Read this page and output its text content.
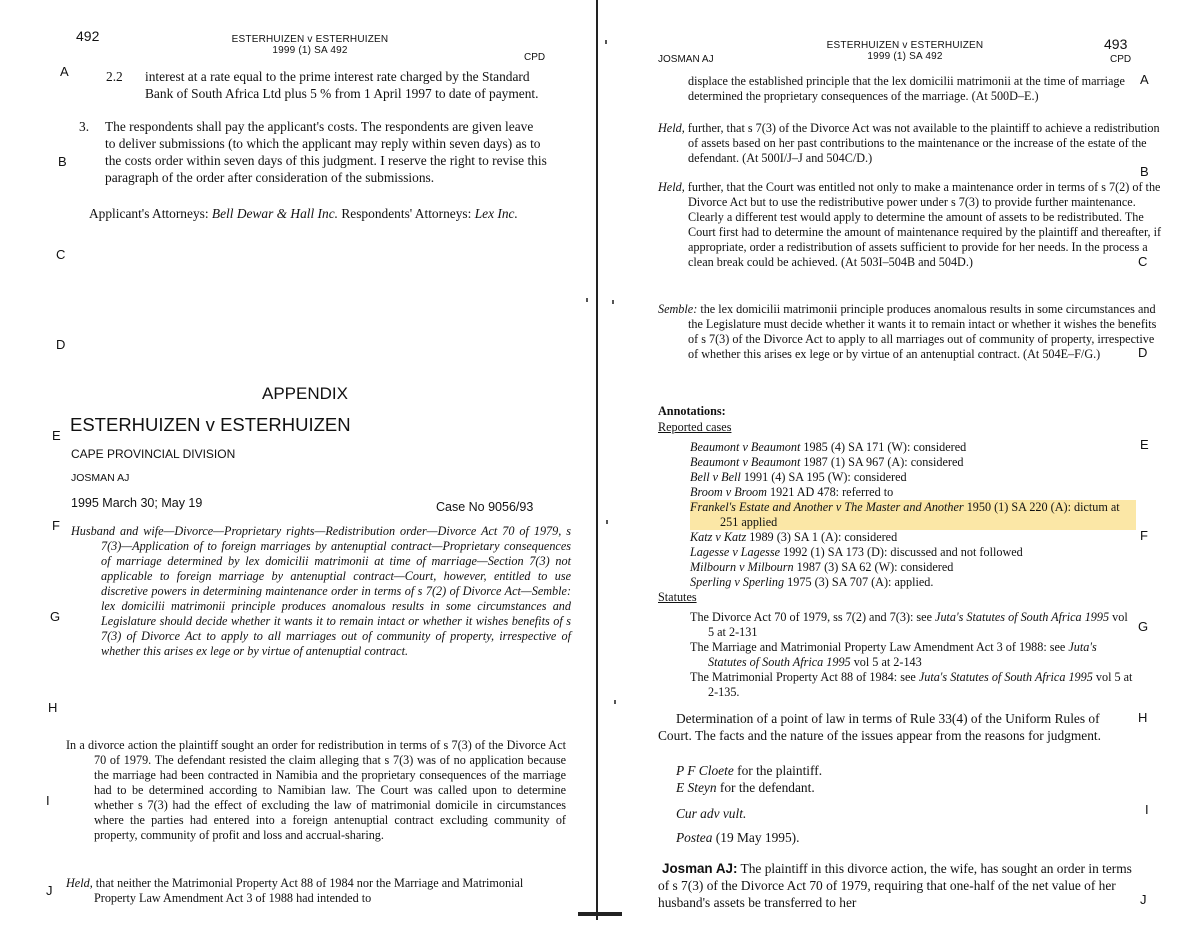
492	ESTERHUIZEN v ESTERHUIZEN
1999 (1) SA 492
CPD
A
B
C
D
E
F
G
H
I
J
2.2 interest at a rate equal to the prime interest rate charged by the Standard Bank of South Africa Ltd plus 5 % from 1 April 1997 to date of payment.
3. The respondents shall pay the applicant's costs. The respondents are given leave to deliver submissions (to which the applicant may reply within seven days) as to the costs order within seven days of this judgment. I reserve the right to revise this paragraph of the order after consideration of the submissions.
Applicant's Attorneys: Bell Dewar & Hall Inc. Respondents' Attorneys: Lex Inc.
APPENDIX
ESTERHUIZEN v ESTERHUIZEN
CAPE PROVINCIAL DIVISION
JOSMAN AJ
1995 March 30; May 19	Case No 9056/93
Husband and wife—Divorce—Proprietary rights—Redistribution order—Divorce Act 70 of 1979, s 7(3)—Application of to foreign marriages by antenuptial contract—Proprietary consequences of marriage determined by lex domicilii matrimonii at time of marriage—Section 7(3) not applicable to foreign marriage by antenuptial contract—Court, however, entitled to use discretive powers in determining maintenance order in terms of s 7(2) of Divorce Act—Semble: lex domicilii matrimonii principle produces anomalous results in some circumstances and Legislature should decide whether it wants it to remain intact or whether it wishes benefits of s 7(3) of Divorce Act to apply to all marriages out of community of property, irrespective of whether this arises ex lege or by virtue of antenuptial contract.
In a divorce action the plaintiff sought an order for redistribution in terms of s 7(3) of the Divorce Act 70 of 1979. The defendant resisted the claim alleging that s 7(3) was of no application because the marriage had been contracted in Namibia and the proprietary consequences of the marriage had to be determined according to Namibian law. The Court was called upon to determine whether s 7(3) had the effect of excluding the law of matrimonial domicile in circumstances where the parties had entered into a foreign antenuptial contract excluding community of property, community of profit and loss and accrual-sharing.
Held, that neither the Matrimonial Property Act 88 of 1984 nor the Marriage and Matrimonial Property Law Amendment Act 3 of 1988 had intended to
JOSMAN AJ
ESTERHUIZEN v ESTERHUIZEN
1999 (1) SA 492
493
CPD
A
B
C
D
E
F
G
H
I
J
displace the established principle that the lex domicilii matrimonii at the time of marriage determined the proprietary consequences of the marriage. (At 500D–E.)
Held, further, that s 7(3) of the Divorce Act was not available to the plaintiff to achieve a redistribution of assets based on her past contributions to the maintenance or the increase of the estate of the defendant. (At 500I/J–J and 504C/D.)
Held, further, that the Court was entitled not only to make a maintenance order in terms of s 7(2) of the Divorce Act but to use the redistributive power under s 7(3) to provide further maintenance. Clearly a different test would apply to determine the amount of assets to be redistributed. The Court first had to determine the amount of maintenance required by the plaintiff and thereafter, if appropriate, order a redistribution of assets sufficient to provide for her needs. In the process a clean break could be achieved. (At 503I–504B and 504D.)
Semble: the lex domicilii matrimonii principle produces anomalous results in some circumstances and the Legislature must decide whether it wants it to remain intact or whether it wishes the benefits of s 7(3) of the Divorce Act to apply to all marriages out of community of property, irrespective of whether this arises ex lege or by virtue of an antenuptial contract. (At 504E–F/G.)
Annotations:
Reported cases
Beaumont v Beaumont 1985 (4) SA 171 (W): considered
Beaumont v Beaumont 1987 (1) SA 967 (A): considered
Bell v Bell 1991 (4) SA 195 (W): considered
Broom v Broom 1921 AD 478: referred to
Frankel's Estate and Another v The Master and Another 1950 (1) SA 220 (A): dictum at 251 applied
Katz v Katz 1989 (3) SA 1 (A): considered
Lagesse v Lagesse 1992 (1) SA 173 (D): discussed and not followed
Milbourn v Milbourn 1987 (3) SA 62 (W): considered
Sperling v Sperling 1975 (3) SA 707 (A): applied.
Statutes
The Divorce Act 70 of 1979, ss 7(2) and 7(3): see Juta's Statutes of South Africa 1995 vol 5 at 2-131
The Marriage and Matrimonial Property Law Amendment Act 3 of 1988: see Juta's Statutes of South Africa 1995 vol 5 at 2-143
The Matrimonial Property Act 88 of 1984: see Juta's Statutes of South Africa 1995 vol 5 at 2-135.
Determination of a point of law in terms of Rule 33(4) of the Uniform Rules of Court. The facts and the nature of the issues appear from the reasons for judgment.
P F Cloete for the plaintiff.
E Steyn for the defendant.
Cur adv vult.
Postea (19 May 1995).
Josman AJ: The plaintiff in this divorce action, the wife, has sought an order in terms of s 7(3) of the Divorce Act 70 of 1979, requiring that one-half of the net value of her husband's assets be transferred to her
